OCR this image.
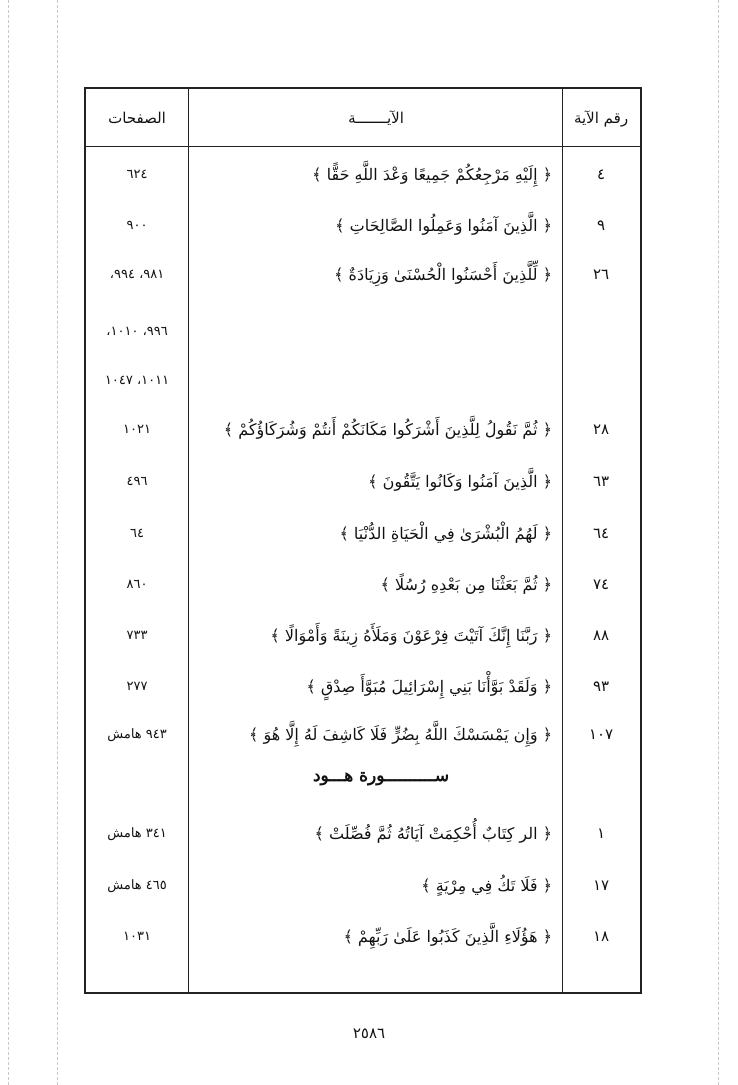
رقم الآية
الآيـــــــة
الصفحات
٤
﴿ إِلَيْهِ مَرْجِعُكُمْ جَمِيعًا وَعْدَ اللَّهِ حَقًّا ﴾
٦٢٤
٩
﴿ الَّذِينَ آمَنُوا وَعَمِلُوا الصَّالِحَاتِ ﴾
٩٠٠
٢٦
﴿ لِّلَّذِينَ أَحْسَنُوا الْحُسْنَىٰ وَزِيَادَةٌ ﴾
٩٨١، ٩٩٤،
٩٩٦، ١٠١٠،
١٠١١، ١٠٤٧
٢٨
﴿ ثُمَّ نَقُولُ لِلَّذِينَ أَشْرَكُوا مَكَانَكُمْ أَنتُمْ وَشُرَكَاؤُكُمْ ﴾
١٠٢١
٦٣
﴿ الَّذِينَ آمَنُوا وَكَانُوا يَتَّقُونَ ﴾
٤٩٦
٦٤
﴿ لَهُمُ الْبُشْرَىٰ فِي الْحَيَاةِ الدُّنْيَا ﴾
٦٤
٧٤
﴿ ثُمَّ بَعَثْنَا مِن بَعْدِهِ رُسُلًا ﴾
٨٦٠
٨٨
﴿ رَبَّنَا إِنَّكَ آتَيْتَ فِرْعَوْنَ وَمَلَأَهُ زِينَةً وَأَمْوَالًا ﴾
٧٣٣
٩٣
﴿ وَلَقَدْ بَوَّأْنَا بَنِي إِسْرَائِيلَ مُبَوَّأَ صِدْقٍ ﴾
٢٧٧
١٠٧
﴿ وَإِن يَمْسَسْكَ اللَّهُ بِضُرٍّ فَلَا كَاشِفَ لَهُ إِلَّا هُوَ ﴾
٩٤٣ هامش
ســــــــــورة هـــود
١
﴿ الر كِتَابٌ أُحْكِمَتْ آيَاتُهُ ثُمَّ فُصِّلَتْ ﴾
٣٤١ هامش
١٧
﴿ فَلَا تَكُ فِي مِرْيَةٍ ﴾
٤٦٥ هامش
١٨
﴿ هَؤُلَاءِ الَّذِينَ كَذَبُوا عَلَىٰ رَبِّهِمْ ﴾
١٠٣١
٢٥٨٦
